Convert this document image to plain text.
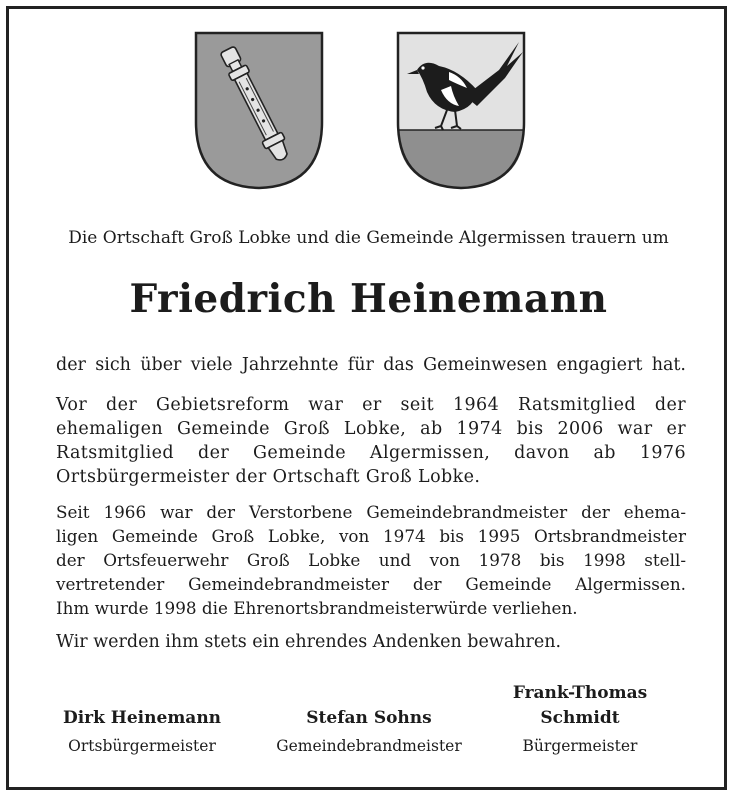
Die Ortschaft Groß Lobke und die Gemeinde Algermissen trauern um
Friedrich Heinemann
der sich über viele Jahrzehnte für das Gemeinwesen engagiert hat.
Vor der Gebietsreform war er seit 1964 Ratsmitglied der
ehemaligen Gemeinde Groß Lobke, ab 1974 bis 2006 war er
Ratsmitglied der Gemeinde Algermissen, davon ab 1976
Ortsbürgermeister der Ortschaft Groß Lobke.
Seit 1966 war der Verstorbene Gemeindebrandmeister der ehema-
ligen Gemeinde Groß Lobke, von 1974 bis 1995 Ortsbrandmeister
der Ortsfeuerwehr Groß Lobke und von 1978 bis 1998 stell-
vertretender Gemeindebrandmeister der Gemeinde Algermissen.
Ihm wurde 1998 die Ehrenortsbrandmeisterwürde verliehen.
Wir werden ihm stets ein ehrendes Andenken bewahren.
Dirk Heinemann
Ortsbürgermeister
Stefan Sohns
Gemeindebrandmeister
Frank-Thomas
Schmidt
Bürgermeister
